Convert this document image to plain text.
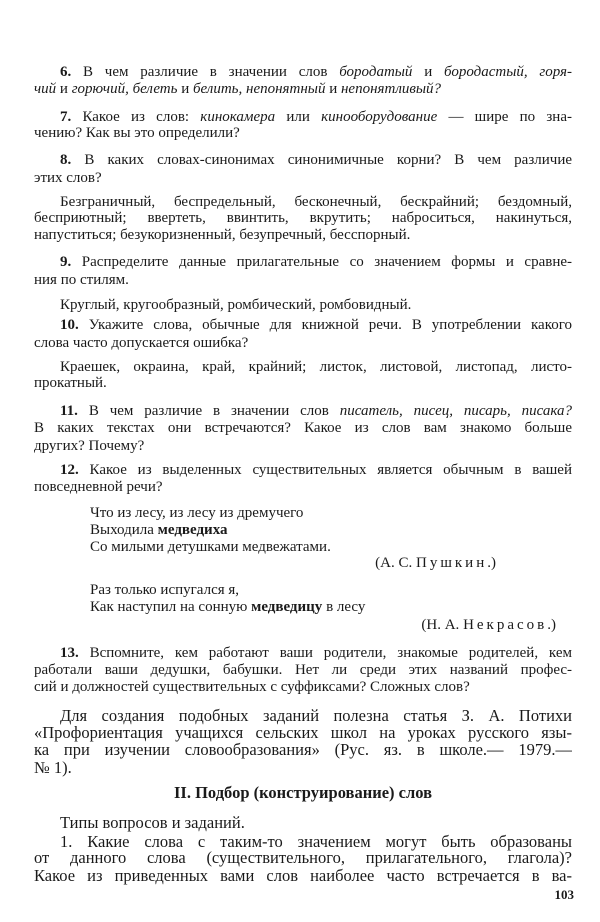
6. В чем различие в значении слов бородатый и бородастый, горя-
чий и горючий, белеть и белить, непонятный и непонятливый?
7. Какое из слов: кинокамера или кинооборудование — шире по зна-
чению? Как вы это определили?
8. В каких словах-синонимах синонимичные корни? В чем различие
этих слов?
Безграничный, беспредельный, бесконечный, бескрайний; бездомный,
бесприютный; ввертеть, ввинтить, вкрутить; наброситься, накинуться,
напуститься; безукоризненный, безупречный, бесспорный.
9. Распределите данные прилагательные со значением формы и сравне-
ния по стилям.
Круглый, кругообразный, ромбический, ромбовидный.
10. Укажите слова, обычные для книжной речи. В употреблении какого
слова часто допускается ошибка?
Краешек, окраина, край, крайний; листок, листовой, листопад, листо-
прокатный.
11. В чем различие в значении слов писатель, писец, писарь, писака?
В каких текстах они встречаются? Какое из слов вам знакомо больше
других? Почему?
12. Какое из выделенных существительных является обычным в вашей
повседневной речи?
Что из лесу, из лесу из дремучего
Выходила медведиха
Со милыми детушками медвежатами.
(А. С. Пушкин.)
Раз только испугался я,
Как наступил на сонную медведицу в лесу
(Н. А. Некрасов.)
13. Вспомните, кем работают ваши родители, знакомые родителей, кем
работали ваши дедушки, бабушки. Нет ли среди этих названий профес-
сий и должностей существительных с суффиксами? Сложных слов?
Для создания подобных заданий полезна статья З. А. Потихи
«Профориентация учащихся сельских школ на уроках русского язы-
ка при изучении словообразования» (Рус. яз. в школе.— 1979.—
№ 1).
II. Подбор (конструирование) слов
Типы вопросов и заданий.
1. Какие слова с таким-то значением могут быть образованы
от данного слова (существительного, прилагательного, глагола)?
Какое из приведенных вами слов наиболее часто встречается в ва-
103
